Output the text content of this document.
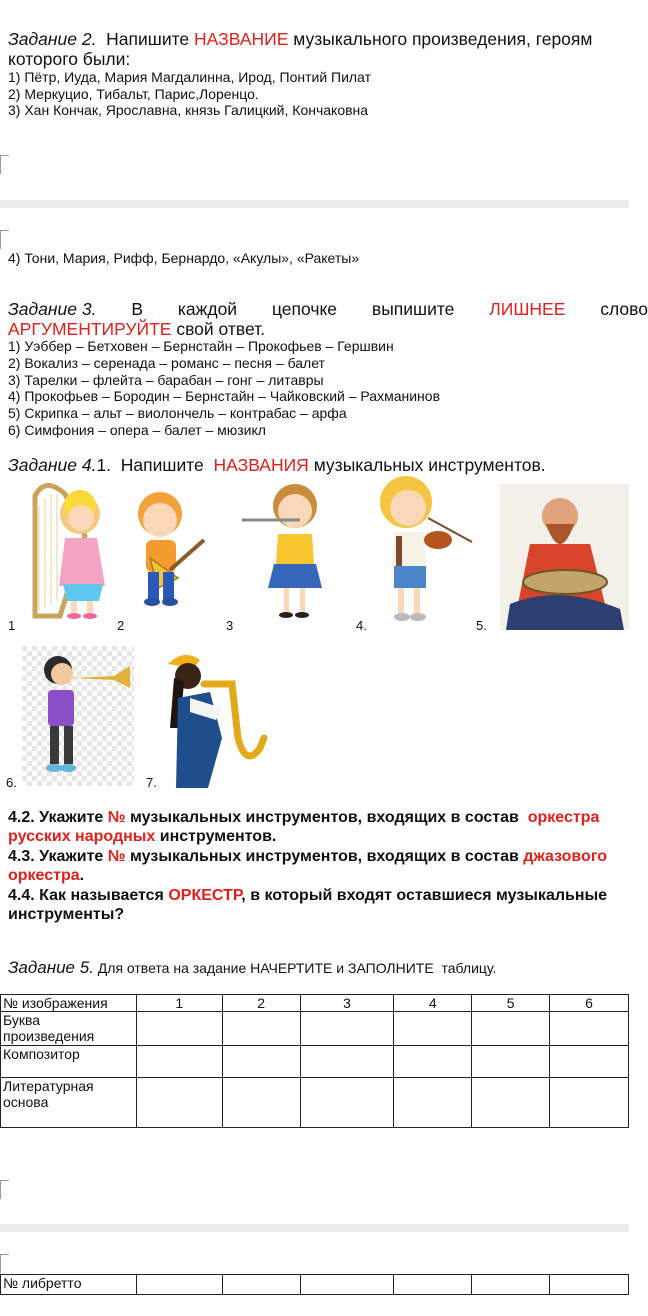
Задание 2. Напишите НАЗВАНИЕ музыкального произведения, героям
которого были:
1) Пётр, Иуда, Мария Магдалинна, Ирод, Понтий Пилат
2) Меркуцио, Тибальт, Парис,Лоренцо.
3) Хан Кончак, Ярославна, князь Галицкий, Кончаковна
4) Тони, Мария, Рифф, Бернардо, «Акулы», «Ракеты»
Задание 3. В каждой цепочке выпишите ЛИШНЕЕ слово
АРГУМЕНТИРУЙТЕ свой ответ.
1) Уэббер – Бетховен – Бернстайн – Прокофьев – Гершвин
2) Вокализ – серенада – романс – песня – балет
3) Тарелки – флейта – барабан – гонг – литавры
4) Прокофьев – Бородин – Бернстайн – Чайковский – Рахманинов
5) Скрипка – альт – виолончель – контрабас – арфа
6) Симфония – опера – балет – мюзикл
Задание 4.1. Напишите НАЗВАНИЯ музыкальных инструментов.
1	2	3	4.	5.
6.	7.
4.2. Укажите № музыкальных инструментов, входящих в состав оркестра
русских народных инструментов.
4.3. Укажите № музыкальных инструментов, входящих в состав джазового
оркестра.
4.4. Как называется ОРКЕСТР, в который входят оставшиеся музыкальные
инструменты?
Задание 5. Для ответа на задание НАЧЕРТИТЕ и ЗАПОЛНИТЕ таблицу.
№ изображения	1	2	3	4	5	6
Буква произведения						
Композитор						
Литературная основа						
№ либретто						
